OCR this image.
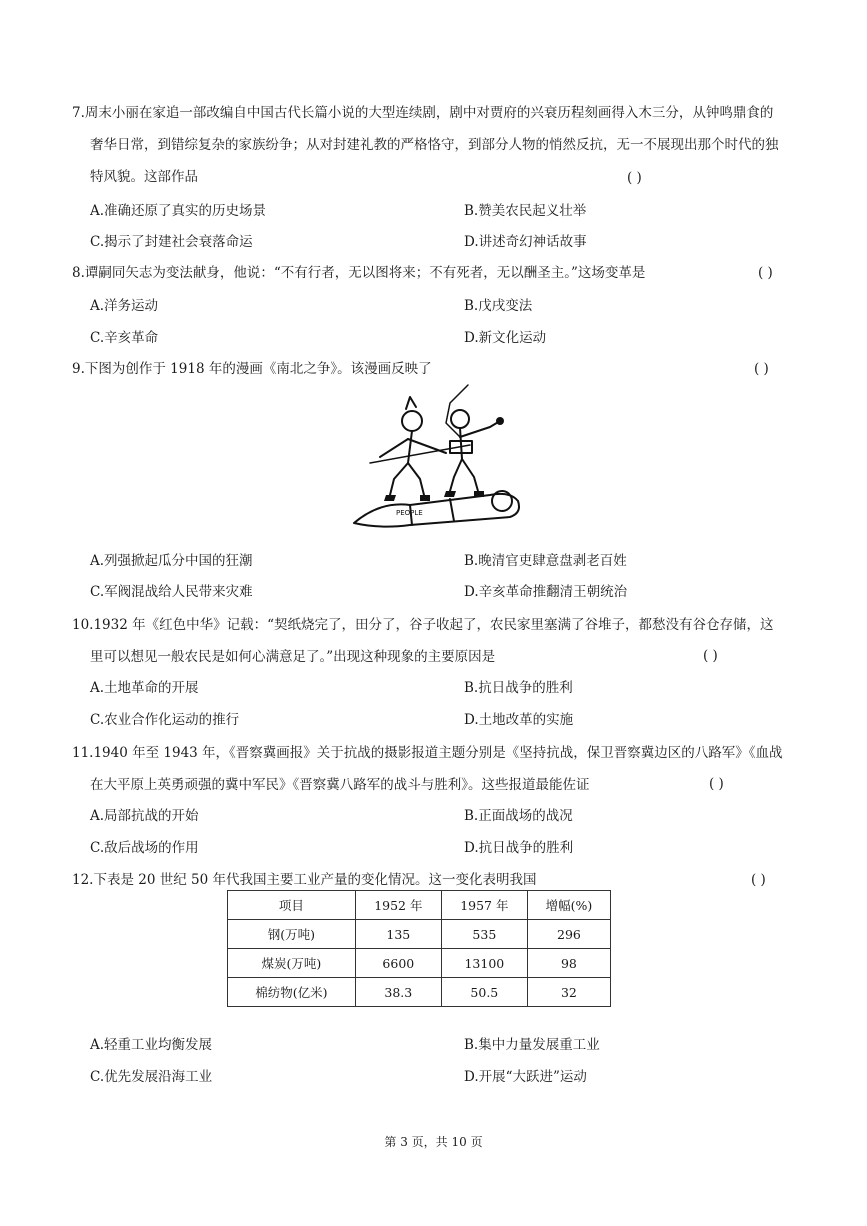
7.周末小丽在家追一部改编自中国古代长篇小说的大型连续剧，剧中对贾府的兴衰历程刻画得入木三分，从钟鸣鼎食的
奢华日常，到错综复杂的家族纷争；从对封建礼教的严格恪守，到部分人物的悄然反抗，无一不展现出那个时代的独
特风貌。这部作品	( )
A.准确还原了真实的历史场景	B.赞美农民起义壮举
C.揭示了封建社会衰落命运	D.讲述奇幻神话故事
8.谭嗣同矢志为变法献身，他说：“不有行者，无以图将来；不有死者，无以酬圣主。”这场变革是	( )
A.洋务运动	B.戊戌变法
C.辛亥革命	D.新文化运动
9.下图为创作于 1918 年的漫画《南北之争》。该漫画反映了	( )
PEOPLE
A.列强掀起瓜分中国的狂潮	B.晚清官吏肆意盘剥老百姓
C.军阀混战给人民带来灾难	D.辛亥革命推翻清王朝统治
10.1932 年《红色中华》记载：“契纸烧完了，田分了，谷子收起了，农民家里塞满了谷堆子，都愁没有谷仓存储，这
里可以想见一般农民是如何心满意足了。”出现这种现象的主要原因是	( )
A.土地革命的开展	B.抗日战争的胜利
C.农业合作化运动的推行	D.土地改革的实施
11.1940 年至 1943 年，《晋察冀画报》关于抗战的摄影报道主题分别是《坚持抗战，保卫晋察冀边区的八路军》《血战
在大平原上英勇顽强的冀中军民》《晋察冀八路军的战斗与胜利》。这些报道最能佐证	( )
A.局部抗战的开始	B.正面战场的战况
C.敌后战场的作用	D.抗日战争的胜利
12.下表是 20 世纪 50 年代我国主要工业产量的变化情况。这一变化表明我国	( )
项目	1952 年	1957 年	增幅(%)
钢(万吨)	135	535	296
煤炭(万吨)	6600	13100	98
棉纺物(亿米)	38.3	50.5	32
A.轻重工业均衡发展	B.集中力量发展重工业
C.优先发展沿海工业	D.开展“大跃进”运动
第 3 页，共 10 页
